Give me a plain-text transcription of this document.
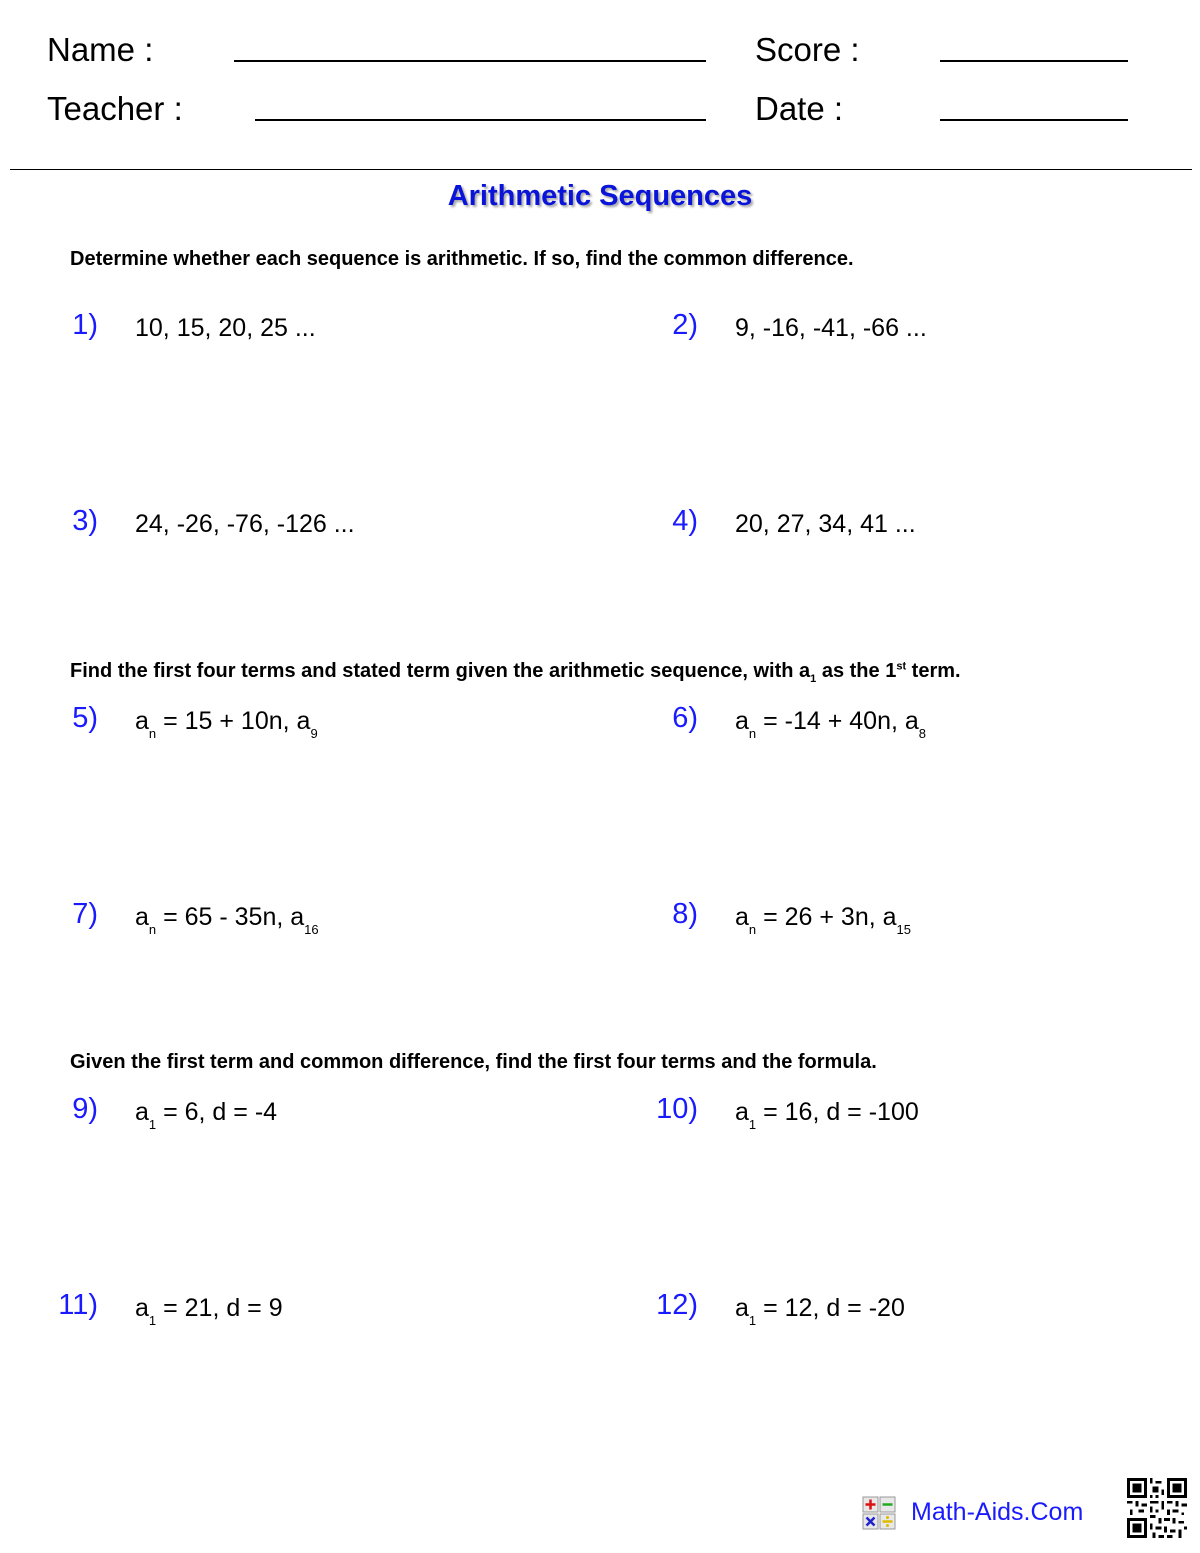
Name :	Score :
Teacher :	Date :
Arithmetic Sequences
Determine whether each sequence is arithmetic. If so, find the common difference.
1) 10, 15, 20, 25 ...	2) 9, -16, -41, -66 ...
3) 24, -26, -76, -126 ...	4) 20, 27, 34, 41 ...
Find the first four terms and stated term given the arithmetic sequence, with $a_1$ as the 1st term.
5) $a_n = 15 + 10n$, $a_9$	6) $a_n = -14 + 40n$, $a_8$
7) $a_n = 65 - 35n$, $a_{16}$	8) $a_n = 26 + 3n$, $a_{15}$
Given the first term and common difference, find the first four terms and the formula.
9) $a_1 = 6$, d = -4	10) $a_1 = 16$, d = -100
11) $a_1 = 21$, d = 9	12) $a_1 = 12$, d = -20
Math-Aids.Com
